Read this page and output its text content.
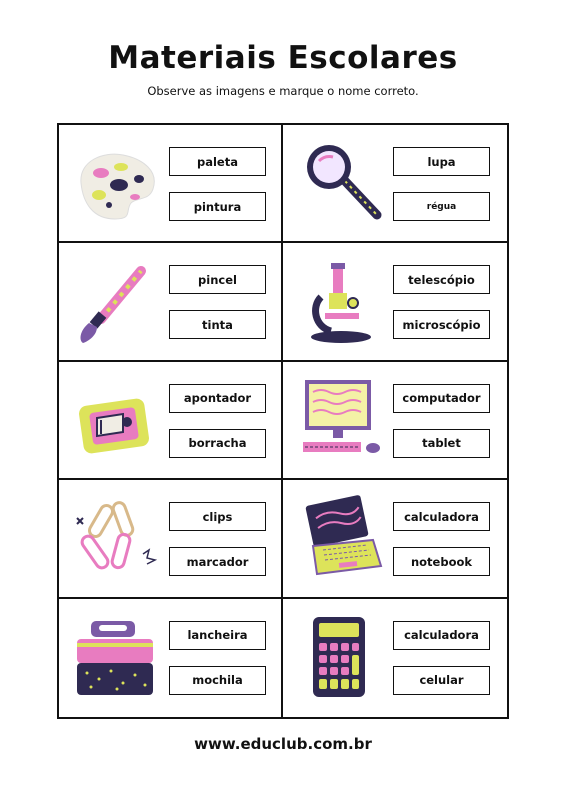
Materiais Escolares
Observe as imagens e marque o nome correto.
paleta
pintura
lupa
régua
pincel
tinta
telescópio
microscópio
apontador
borracha
computador
tablet
clips
marcador
calculadora
notebook
lancheira
mochila
calculadora
celular
www.educlub.com.br
